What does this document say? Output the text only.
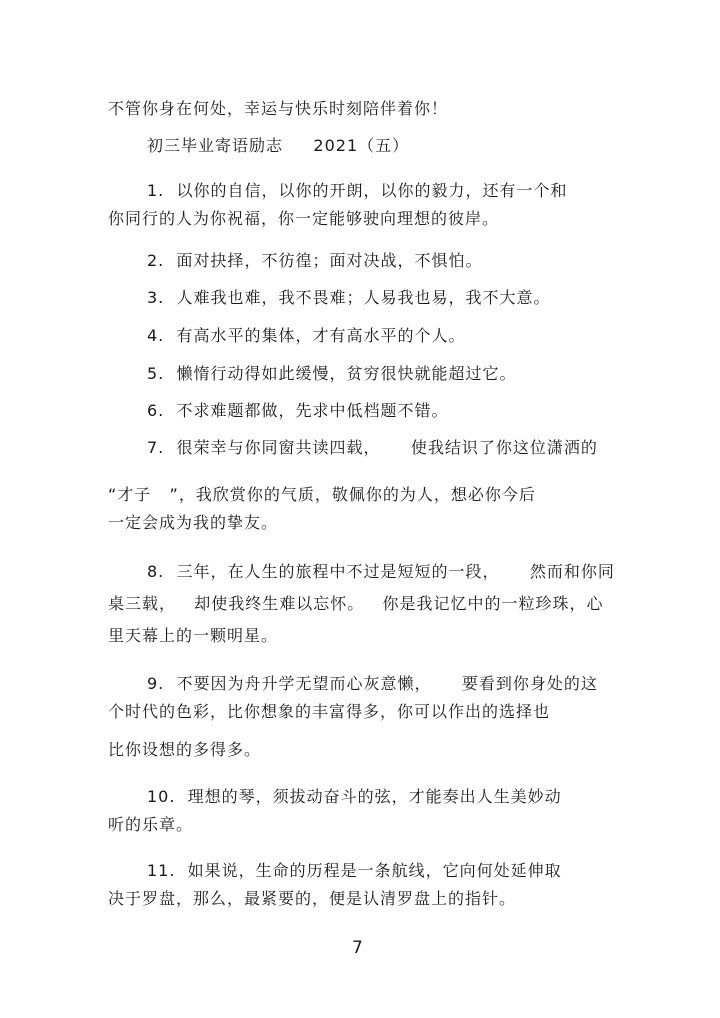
不管你身在何处，幸运与快乐时刻陪伴着你！
初三毕业寄语励志     2021（五）
1.  以你的自信，以你的开朗，以你的毅力，还有一个和
你同行的人为你祝福，你一定能够驶向理想的彼岸。
2.  面对抉择，不彷徨；面对决战，不惧怕。
3.  人难我也难，我不畏难；人易我也易，我不大意。
4.  有高水平的集体，才有高水平的个人。
5.  懒惰行动得如此缓慢，贫穷很快就能超过它。
6.  不求难题都做，先求中低档题不错。
7.  很荣幸与你同窗共读四载，     使我结识了你这位潇洒的
“才子   ”，我欣赏你的气质，敬佩你的为人，想必你今后
一定会成为我的挚友。
8.  三年，在人生的旅程中不过是短短的一段，     然而和你同
桌三载，   却使我终生难以忘怀。   你是我记忆中的一粒珍珠，心
里天幕上的一颗明星。
9.  不要因为舟升学无望而心灰意懒，     要看到你身处的这
个时代的色彩，比你想象的丰富得多，你可以作出的选择也
比你设想的多得多。
10.  理想的琴，须拔动奋斗的弦，才能奏出人生美妙动
听的乐章。
11.  如果说，生命的历程是一条航线，它向何处延伸取
决于罗盘，那么，最紧要的，便是认清罗盘上的指针。
7
